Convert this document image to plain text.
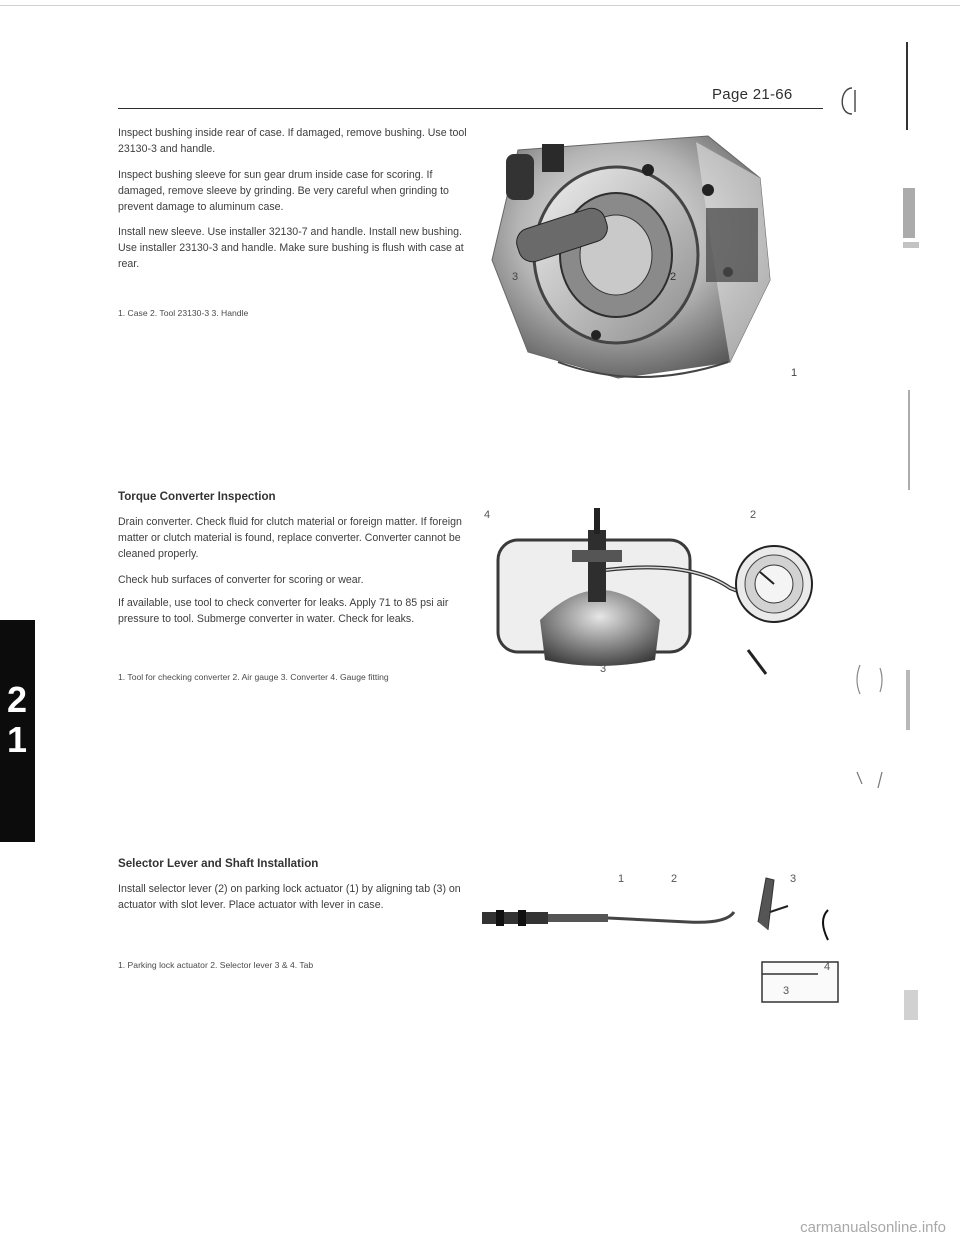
Page 21-66

Inspect bushing inside rear of case. If damaged, remove bushing. Use tool 23130-3 and handle.

Inspect bushing sleeve for sun gear drum inside case for scoring. If damaged, remove sleeve by grinding. Be very careful when grinding to prevent damage to aluminum case.

Install new sleeve. Use installer 32130-7 and handle. Install new bushing. Use installer 23130-3 and handle. Make sure bushing is flush with case at rear.

1. Case 2. Tool 23130-3 3. Handle

3	2
1

Torque Converter Inspection

Drain converter. Check fluid for clutch material or foreign matter. If foreign matter or clutch material is found, replace converter. Converter cannot be cleaned properly.

Check hub surfaces of converter for scoring or wear.

If available, use tool to check converter for leaks. Apply 71 to 85 psi air pressure to tool. Submerge converter in water. Check for leaks.

1. Tool for checking converter 2. Air gauge 3. Converter 4. Gauge fitting

4	2
3

Selector Lever and Shaft Installation

Install selector lever (2) on parking lock actuator (1) by aligning tab (3) on actuator with slot lever. Place actuator with lever in case.

1. Parking lock actuator 2. Selector lever 3 & 4. Tab

1	2	3
3
4
2
1
carmanualsonline.info
